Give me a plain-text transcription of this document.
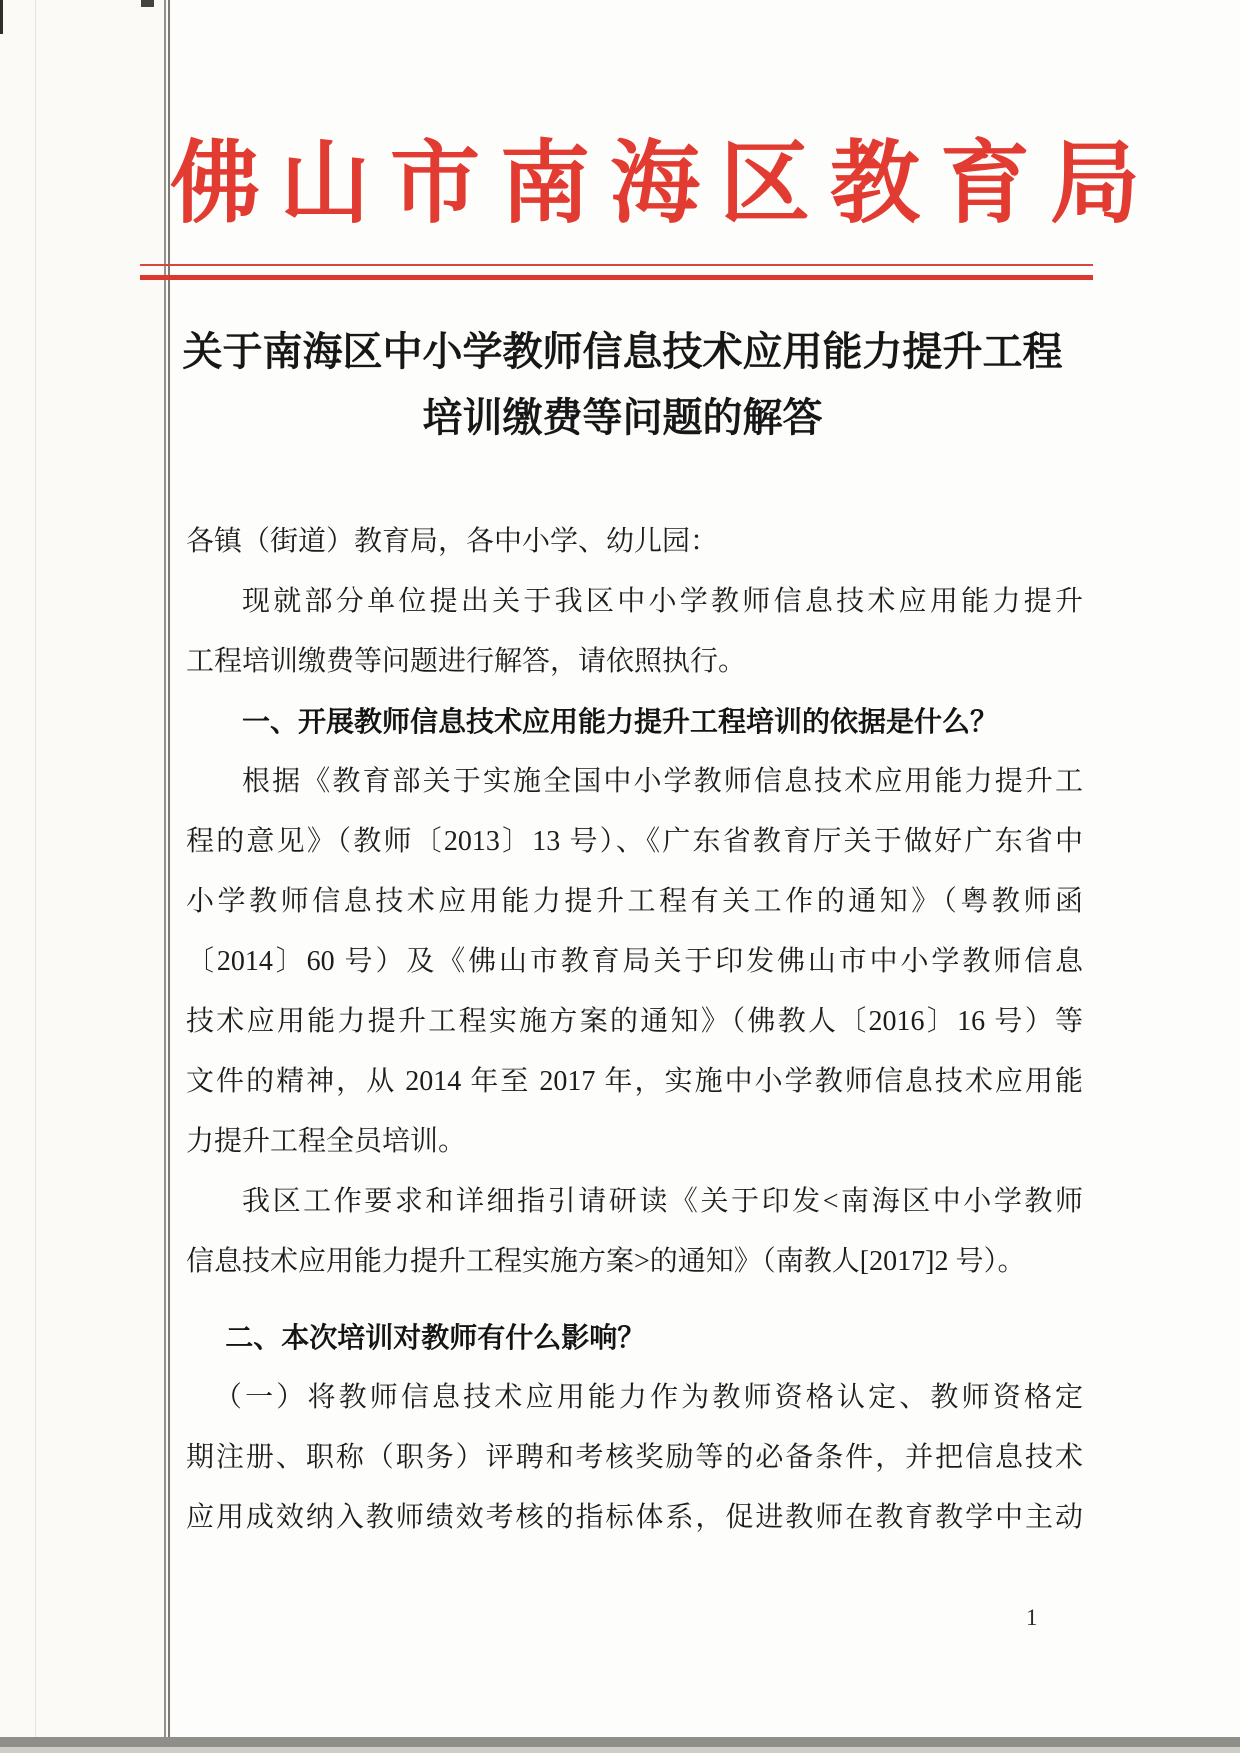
佛山市南海区教育局
关于南海区中小学教师信息技术应用能力提升工程
培训缴费等问题的解答
各镇（街道）教育局，各中小学、幼儿园：
现就部分单位提出关于我区中小学教师信息技术应用能力提升
工程培训缴费等问题进行解答，请依照执行。
一、开展教师信息技术应用能力提升工程培训的依据是什么？
根据《教育部关于实施全国中小学教师信息技术应用能力提升工
程的意见》（教师〔2013〕13 号）、《广东省教育厅关于做好广东省中
小学教师信息技术应用能力提升工程有关工作的通知》（粤教师函
〔2014〕60 号）及《佛山市教育局关于印发佛山市中小学教师信息
技术应用能力提升工程实施方案的通知》（佛教人〔2016〕16 号）等
文件的精神，从 2014 年至 2017 年，实施中小学教师信息技术应用能
力提升工程全员培训。
我区工作要求和详细指引请研读《关于印发<南海区中小学教师
信息技术应用能力提升工程实施方案>的通知》（南教人[2017]2 号）。
二、本次培训对教师有什么影响？
（一）将教师信息技术应用能力作为教师资格认定、教师资格定
期注册、职称（职务）评聘和考核奖励等的必备条件，并把信息技术
应用成效纳入教师绩效考核的指标体系，促进教师在教育教学中主动
1
